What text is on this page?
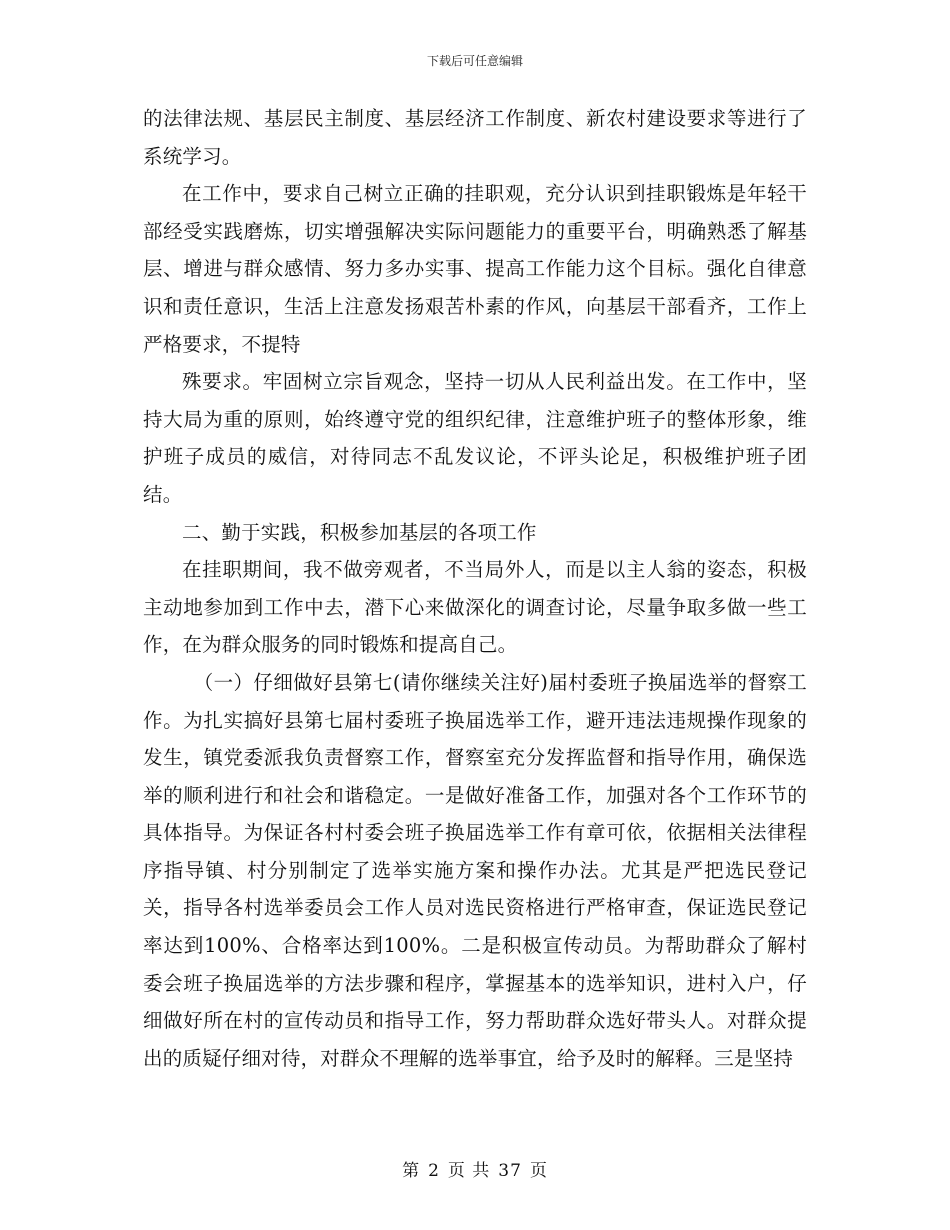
下载后可任意编辑

的法律法规、基层民主制度、基层经济工作制度、新农村建设要求等进行了系统学习。

在工作中，要求自己树立正确的挂职观，充分认识到挂职锻炼是年轻干部经受实践磨炼，切实增强解决实际问题能力的重要平台，明确熟悉了解基层、增进与群众感情、努力多办实事、提高工作能力这个目标。强化自律意识和责任意识，生活上注意发扬艰苦朴素的作风，向基层干部看齐，工作上严格要求，不提特

殊要求。牢固树立宗旨观念，坚持一切从人民利益出发。在工作中，坚持大局为重的原则，始终遵守党的组织纪律，注意维护班子的整体形象，维护班子成员的威信，对待同志不乱发议论，不评头论足，积极维护班子团结。

二、勤于实践，积极参加基层的各项工作

在挂职期间，我不做旁观者，不当局外人，而是以主人翁的姿态，积极主动地参加到工作中去，潜下心来做深化的调查讨论，尽量争取多做一些工作，在为群众服务的同时锻炼和提高自己。

（一）仔细做好县第七(请你继续关注好)届村委班子换届选举的督察工作。为扎实搞好县第七届村委班子换届选举工作，避开违法违规操作现象的发生，镇党委派我负责督察工作，督察室充分发挥监督和指导作用，确保选举的顺利进行和社会和谐稳定。一是做好准备工作，加强对各个工作环节的具体指导。为保证各村村委会班子换届选举工作有章可依，依据相关法律程序指导镇、村分别制定了选举实施方案和操作办法。尤其是严把选民登记关，指导各村选举委员会工作人员对选民资格进行严格审查，保证选民登记率达到100%、合格率达到100%。二是积极宣传动员。为帮助群众了解村委会班子换届选举的方法步骤和程序，掌握基本的选举知识，进村入户，仔细做好所在村的宣传动员和指导工作，努力帮助群众选好带头人。对群众提出的质疑仔细对待，对群众不理解的选举事宜，给予及时的解释。三是坚持

第 2 页 共 37 页
